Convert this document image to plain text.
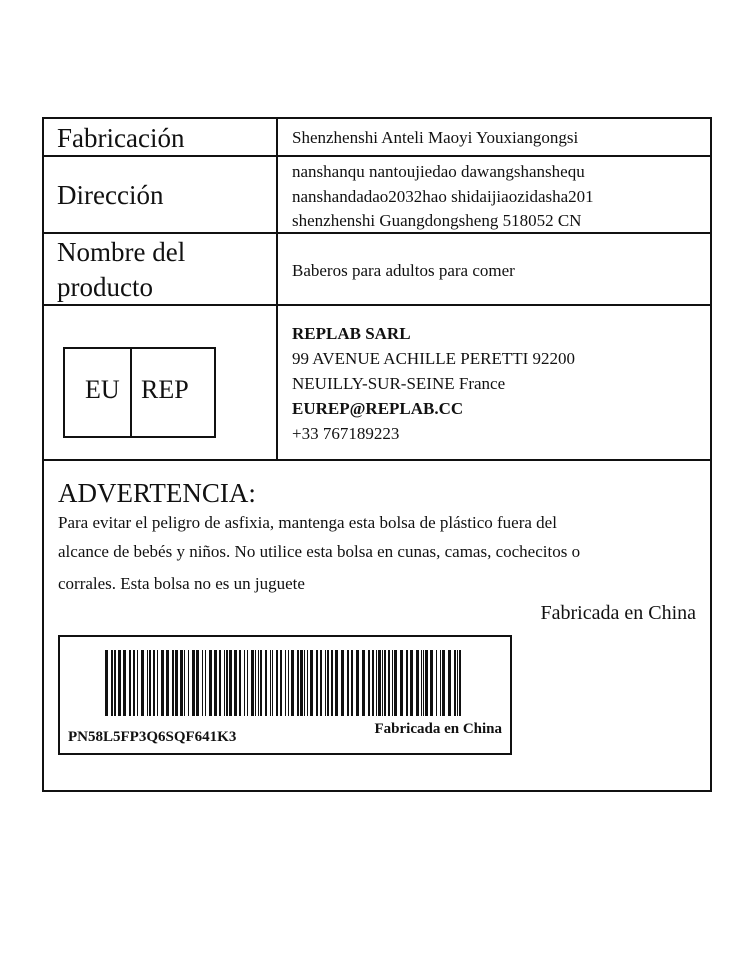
Fabricación	Shenzhenshi Anteli Maoyi Youxiangongsi
Dirección
nanshanqu nantoujiedao dawangshanshequ
nanshandadao2032hao shidaijiaozidasha201
shenzhenshi Guangdongsheng 518052 CN
Nombre del
producto
Baberos para adultos para comer
EU REP
REPLAB SARL
99 AVENUE ACHILLE PERETTI 92200
NEUILLY-SUR-SEINE France
EUREP@REPLAB.CC
+33 767189223
ADVERTENCIA:
Para evitar el peligro de asfixia, mantenga esta bolsa de plástico fuera del
alcance de bebés y niños. No utilice esta bolsa en cunas, camas, cochecitos o
corrales. Esta bolsa no es un juguete
Fabricada en China
PN58L5FP3Q6SQF641K3	Fabricada en China
